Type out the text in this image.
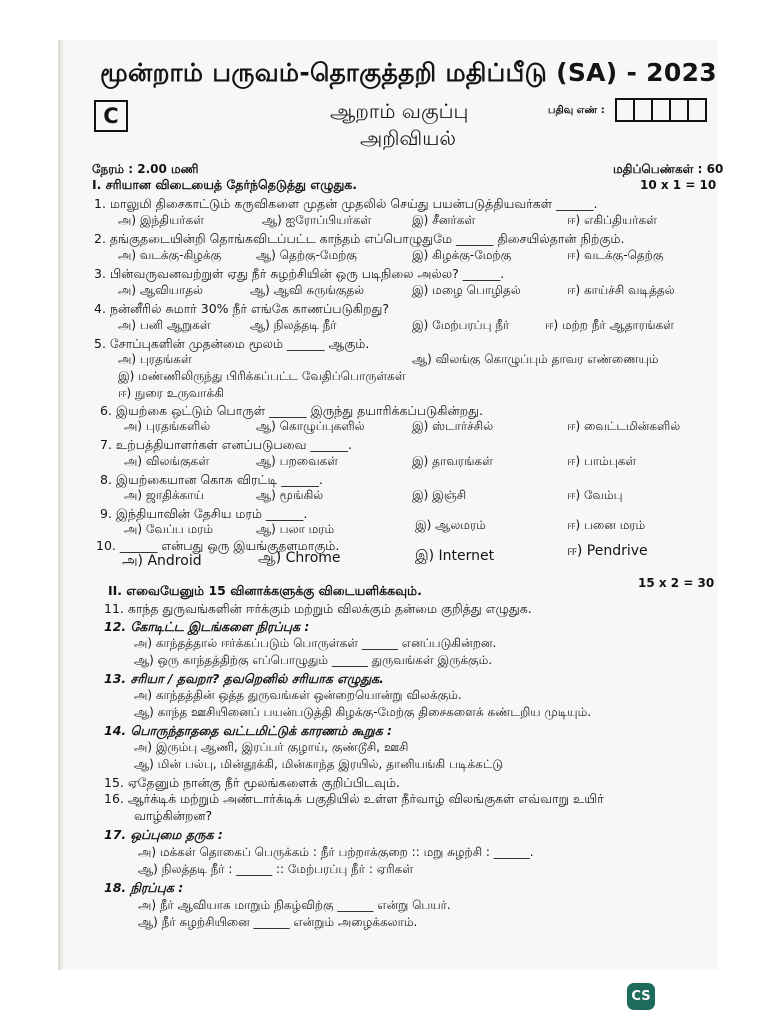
மூன்றாம் பருவம்-தொகுத்தறி மதிப்பீடு (SA) - 2023
C	ஆறாம் வகுப்பு
அறிவியல்
பதிவு எண் :
நேரம் : 2.00 மணி	மதிப்பெண்கள் : 60
I. சரியான விடையைத் தேர்ந்தெடுத்து எழுதுக.	10 x 1 = 10
1. மாலுமி திசைகாட்டும் கருவிகளை முதன் முதலில் செய்து பயன்படுத்தியவர்கள் ______.
அ) இந்தியர்கள்	ஆ) ஐரோப்பியர்கள்	இ) சீனர்கள்	ஈ) எகிப்தியர்கள்
2. தங்குதடையின்றி தொங்கவிடப்பட்ட காந்தம் எப்பொழுதுமே ______ திசையில்தான் நிற்கும்.
அ) வடக்கு-கிழக்கு	ஆ) தெற்கு-மேற்கு	இ) கிழக்கு-மேற்கு	ஈ) வடக்கு-தெற்கு
3. பின்வருவனவற்றுள் ஏது நீர் சுழற்சியின் ஒரு படிநிலை அல்ல? ______.
அ) ஆவியாதல்	ஆ) ஆவி சுருங்குதல்	இ) மழை பொழிதல்	ஈ) காய்ச்சி வடித்தல்
4. நன்னீரில் சுமார் 30% நீர் எங்கே காணப்படுகிறது?
அ) பனி ஆறுகள்	ஆ) நிலத்தடி நீர்	இ) மேற்பரப்பு நீர்	ஈ) மற்ற நீர் ஆதாரங்கள்
5. சோப்புகளின் முதன்மை மூலம் ______ ஆகும்.
அ) புரதங்கள்	ஆ) விலங்கு கொழுப்பும் தாவர எண்ணையும்
இ) மண்ணிலிருந்து பிரிக்கப்பட்ட வேதிப்பொருள்கள்
ஈ) நுரை உருவாக்கி
6. இயற்கை ஒட்டும் பொருள் ______ இருந்து தயாரிக்கப்படுகின்றது.
அ) புரதங்களில்	ஆ) கொழுப்புகளில்	இ) ஸ்டார்ச்சில்	ஈ) வைட்டமின்களில்
7. உற்பத்தியாளர்கள் எனப்படுபவை ______.
அ) விலங்குகள்	ஆ) பறவைகள்	இ) தாவரங்கள்	ஈ) பாம்புகள்
8. இயற்கையான கொசு விரட்டி ______.
அ) ஜாதிக்காய்	ஆ) மூங்கில்	இ) இஞ்சி	ஈ) வேம்பு
9. இந்தியாவின் தேசிய மரம் ______.
அ) வேப்ப மரம்	ஆ) பலா மரம்	இ) ஆலமரம்	ஈ) பனை மரம்
10. ______ என்பது ஒரு இயங்குதளமாகும்.
அ) Android	ஆ) Chrome	இ) Internet	ஈ) Pendrive
II. எவையேனும் 15 வினாக்களுக்கு விடையளிக்கவும்.	15 x 2 = 30
11. காந்த துருவங்களின் ஈர்க்கும் மற்றும் விலக்கும் தன்மை குறித்து எழுதுக.
12. கோடிட்ட இடங்களை நிரப்புக :
அ) காந்தத்தால் ஈர்க்கப்படும் பொருள்கள் ______ எனப்படுகின்றன.
ஆ) ஒரு காந்தத்திற்கு எப்பொழுதும் ______ துருவங்கள் இருக்கும்.
13. சரியா / தவறா? தவறெனில் சரியாக எழுதுக.
அ) காந்தத்தின் ஒத்த துருவங்கள் ஒன்றையொன்று விலக்கும்.
ஆ) காந்த ஊசியினைப் பயன்படுத்தி கிழக்கு-மேற்கு திசைகளைக் கண்டறிய முடியும்.
14. பொருந்தாததை வட்டமிட்டுக் காரணம் கூறுக :
அ) இரும்பு ஆணி, இரப்பர் குழாய், குண்டூசி, ஊசி
ஆ) மின் பல்பு, மின்தூக்கி, மின்காந்த இரயில், தானியங்கி படிக்கட்டு
15. ஏதேனும் நான்கு நீர் மூலங்களைக் குறிப்பிடவும்.
16. ஆர்க்டிக் மற்றும் அண்டார்க்டிக் பகுதியில் உள்ள நீர்வாழ் விலங்குகள் எவ்வாறு உயிர்
வாழ்கின்றன?
17. ஒப்புமை தருக :
அ) மக்கள் தொகைப் பெருக்கம் : நீர் பற்றாக்குறை :: மறு சுழற்சி : ______.
ஆ) நிலத்தடி நீர் : ______ :: மேற்பரப்பு நீர் : ஏரிகள்
18. நிரப்புக :
அ) நீர் ஆவியாக மாறும் நிகழ்விற்கு ______ என்று பெயர்.
ஆ) நீர் சுழற்சியினை ______ என்றும் அழைக்கலாம்.
CS
